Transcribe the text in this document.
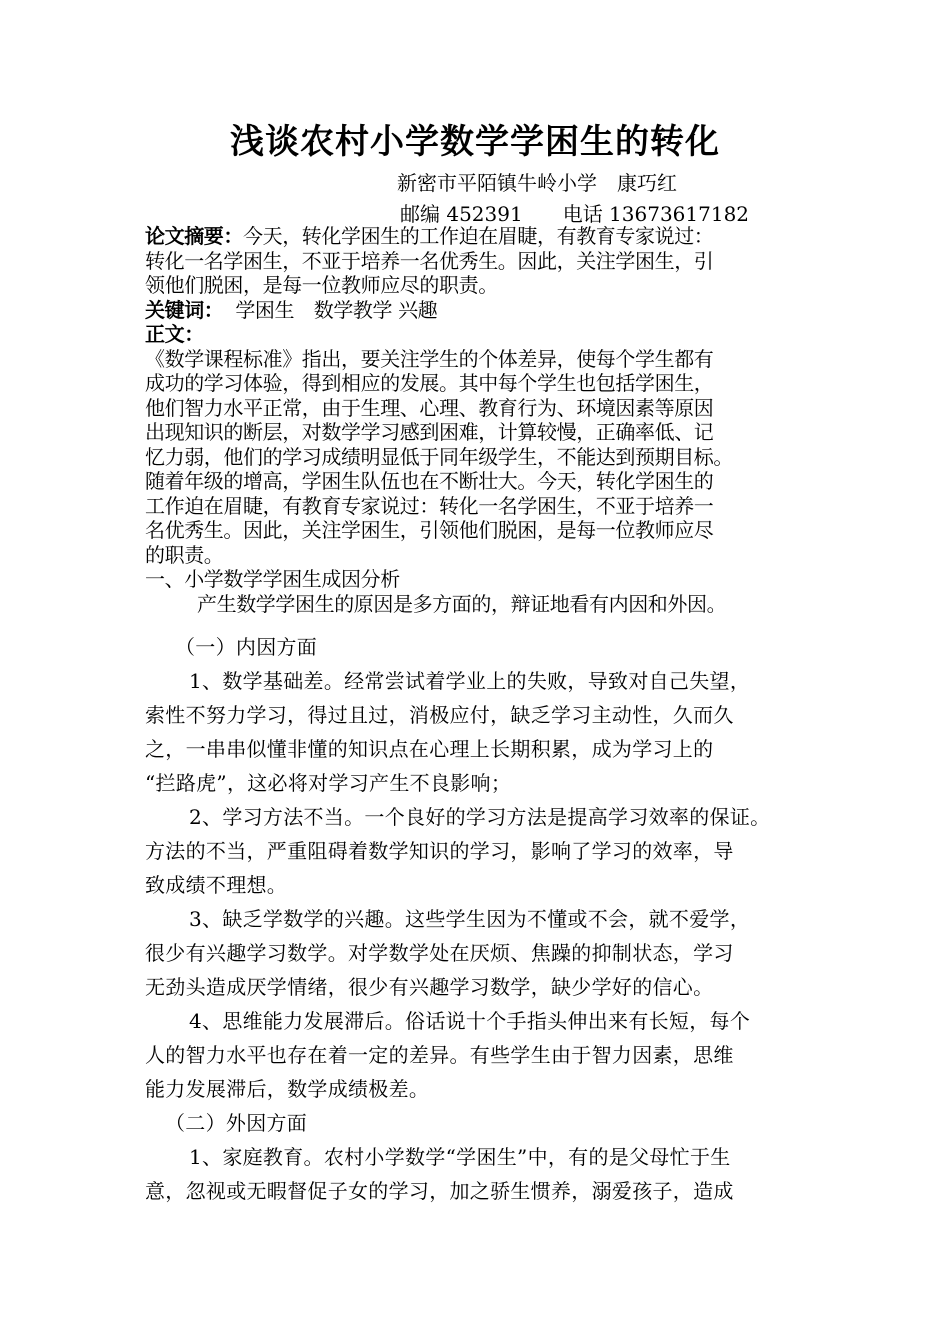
浅谈农村小学数学学困生的转化
新密市平陌镇牛岭小学　康巧红
邮编 452391　　电话 13673617182
论文摘要：今天，转化学困生的工作迫在眉睫，有教育专家说过：
转化一名学困生，不亚于培养一名优秀生。因此，关注学困生，引
领他们脱困，是每一位教师应尽的职责。
关键词： 学困生　数学教学 兴趣
正文：
《数学课程标准》指出，要关注学生的个体差异，使每个学生都有
成功的学习体验，得到相应的发展。其中每个学生也包括学困生，
他们智力水平正常，由于生理、心理、教育行为、环境因素等原因
出现知识的断层，对数学学习感到困难，计算较慢，正确率低、记
忆力弱，他们的学习成绩明显低于同年级学生，不能达到预期目标。
随着年级的增高，学困生队伍也在不断壮大。今天，转化学困生的
工作迫在眉睫，有教育专家说过：转化一名学困生，不亚于培养一
名优秀生。因此，关注学困生，引领他们脱困，是每一位教师应尽
的职责。
一、小学数学学困生成因分析
产生数学学困生的原因是多方面的，辩证地看有内因和外因。
（一）内因方面
1、数学基础差。经常尝试着学业上的失败，导致对自己失望，
索性不努力学习，得过且过，消极应付，缺乏学习主动性，久而久
之，一串串似懂非懂的知识点在心理上长期积累，成为学习上的
“拦路虎”，这必将对学习产生不良影响；
2、学习方法不当。一个良好的学习方法是提高学习效率的保证。
方法的不当，严重阻碍着数学知识的学习，影响了学习的效率，导
致成绩不理想。
3、缺乏学数学的兴趣。这些学生因为不懂或不会，就不爱学，
很少有兴趣学习数学。对学数学处在厌烦、焦躁的抑制状态，学习
无劲头造成厌学情绪，很少有兴趣学习数学，缺少学好的信心。
4、思维能力发展滞后。俗话说十个手指头伸出来有长短，每个
人的智力水平也存在着一定的差异。有些学生由于智力因素，思维
能力发展滞后，数学成绩极差。
（二）外因方面
1、家庭教育。农村小学数学“学困生”中，有的是父母忙于生
意，忽视或无暇督促子女的学习，加之骄生惯养，溺爱孩子，造成
